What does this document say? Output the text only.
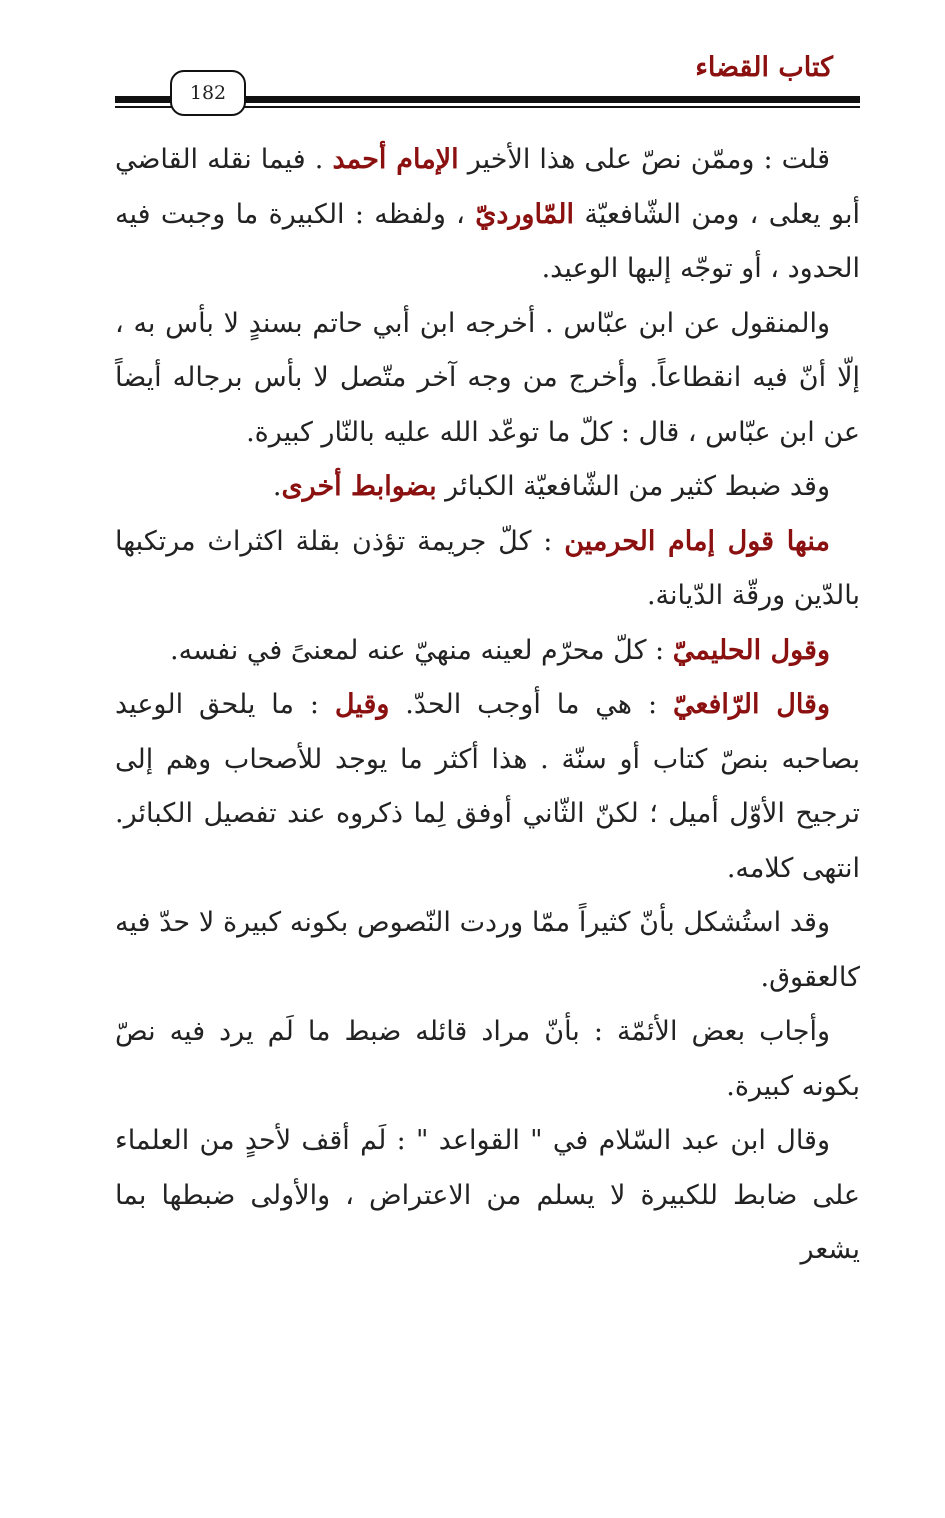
كتاب القضاء
182

قلت : وممّن نصّ على هذا الأخير الإمام أحمد . فيما نقله القاضي أبو يعلى ، ومن الشّافعيّة المّاورديّ ، ولفظه : الكبيرة ما وجبت فيه الحدود ، أو توجّه إليها الوعيد.

والمنقول عن ابن عبّاس . أخرجه ابن أبي حاتم بسندٍ لا بأس به ، إلّا أنّ فيه انقطاعاً. وأخرج من وجه آخر متّصل لا بأس برجاله أيضاً عن ابن عبّاس ، قال : كلّ ما توعّد الله عليه بالنّار كبيرة.

وقد ضبط كثير من الشّافعيّة الكبائر بضوابط أخرى.

منها قول إمام الحرمين : كلّ جريمة تؤذن بقلة اكثراث مرتكبها بالدّين ورقّة الدّيانة.

وقول الحليميّ : كلّ محرّم لعينه منهيّ عنه لمعنىً في نفسه.

وقال الرّافعيّ : هي ما أوجب الحدّ. وقيل : ما يلحق الوعيد بصاحبه بنصّ كتاب أو سنّة . هذا أكثر ما يوجد للأصحاب وهم إلى ترجيح الأوّل أميل ؛ لكنّ الثّاني أوفق لِما ذكروه عند تفصيل الكبائر. انتهى كلامه.

وقد استُشكل بأنّ كثيراً ممّا وردت النّصوص بكونه كبيرة لا حدّ فيه كالعقوق.

وأجاب بعض الأئمّة : بأنّ مراد قائله ضبط ما لَم يرد فيه نصّ بكونه كبيرة.

وقال ابن عبد السّلام في " القواعد " : لَم أقف لأحدٍ من العلماء على ضابط للكبيرة لا يسلم من الاعتراض ، والأولى ضبطها بما يشعر
